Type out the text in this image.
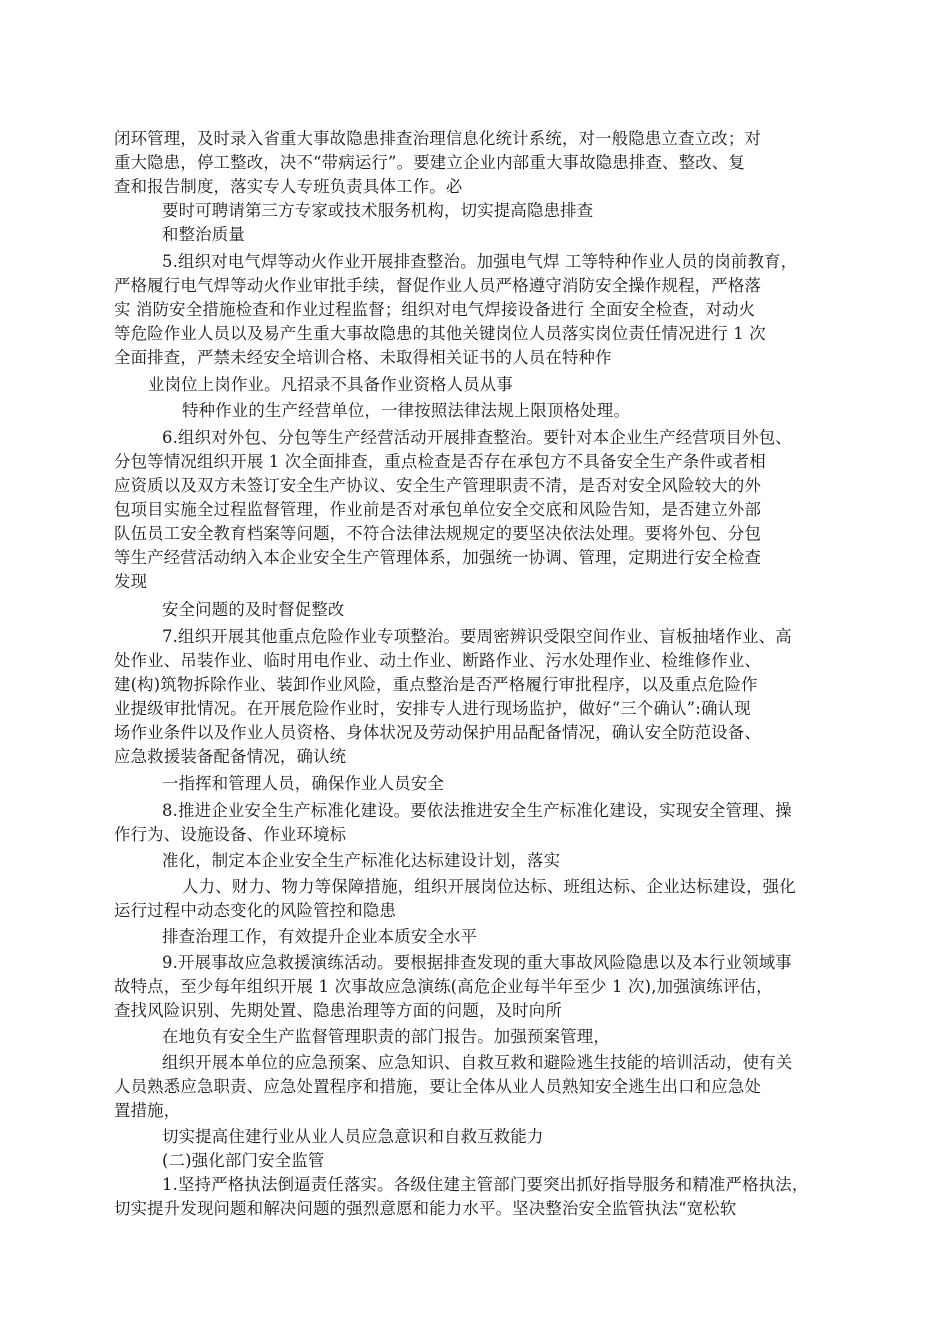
闭环管理，及时录入省重大事故隐患排查治理信息化统计系统，对一般隐患立查立改；对
重大隐患，停工整改，决不“带病运行”。要建立企业内部重大事故隐患排查、整改、复
查和报告制度，落实专人专班负责具体工作。必
要时可聘请第三方专家或技术服务机构，切实提高隐患排查
和整治质量
5.组织对电气焊等动火作业开展排查整治。加强电气焊 工等特种作业人员的岗前教育，
严格履行电气焊等动火作业审批手续，督促作业人员严格遵守消防安全操作规程，严格落
实 消防安全措施检查和作业过程监督；组织对电气焊接设备进行 全面安全检查，对动火
等危险作业人员以及易产生重大事故隐患的其他关键岗位人员落实岗位责任情况进行 1 次
全面排查，严禁未经安全培训合格、未取得相关证书的人员在特种作
业岗位上岗作业。凡招录不具备作业资格人员从事
特种作业的生产经营单位，一律按照法律法规上限顶格处理。
6.组织对外包、分包等生产经营活动开展排查整治。要针对本企业生产经营项目外包、
分包等情况组织开展 1 次全面排查，重点检查是否存在承包方不具备安全生产条件或者相
应资质以及双方未签订安全生产协议、安全生产管理职责不清，是否对安全风险较大的外
包项目实施全过程监督管理，作业前是否对承包单位安全交底和风险告知，是否建立外部
队伍员工安全教育档案等问题，不符合法律法规规定的要坚决依法处理。要将外包、分包
等生产经营活动纳入本企业安全生产管理体系，加强统一协调、管理，定期进行安全检查
发现
安全问题的及时督促整改
7.组织开展其他重点危险作业专项整治。要周密辨识受限空间作业、盲板抽堵作业、高
处作业、吊装作业、临时用电作业、动土作业、断路作业、污水处理作业、检维修作业、
建(构)筑物拆除作业、装卸作业风险，重点整治是否严格履行审批程序，以及重点危险作
业提级审批情况。在开展危险作业时，安排专人进行现场监护，做好“三个确认”:确认现
场作业条件以及作业人员资格、身体状况及劳动保护用品配备情况，确认安全防范设备、
应急救援装备配备情况，确认统
一指挥和管理人员，确保作业人员安全
8.推进企业安全生产标准化建设。要依法推进安全生产标准化建设，实现安全管理、操
作行为、设施设备、作业环境标
准化，制定本企业安全生产标准化达标建设计划，落实
人力、财力、物力等保障措施，组织开展岗位达标、班组达标、企业达标建设，强化
运行过程中动态变化的风险管控和隐患
排查治理工作，有效提升企业本质安全水平
9.开展事故应急救援演练活动。要根据排查发现的重大事故风险隐患以及本行业领域事
故特点，至少每年组织开展 1 次事故应急演练(高危企业每半年至少 1 次),加强演练评估，
查找风险识别、先期处置、隐患治理等方面的问题，及时向所
在地负有安全生产监督管理职责的部门报告。加强预案管理，
组织开展本单位的应急预案、应急知识、自救互救和避险逃生技能的培训活动，使有关
人员熟悉应急职责、应急处置程序和措施，要让全体从业人员熟知安全逃生出口和应急处
置措施，
切实提高住建行业从业人员应急意识和自救互救能力
(二)强化部门安全监管
1.坚持严格执法倒逼责任落实。各级住建主管部门要突出抓好指导服务和精准严格执法，
切实提升发现问题和解决问题的强烈意愿和能力水平。坚决整治安全监管执法“宽松软
